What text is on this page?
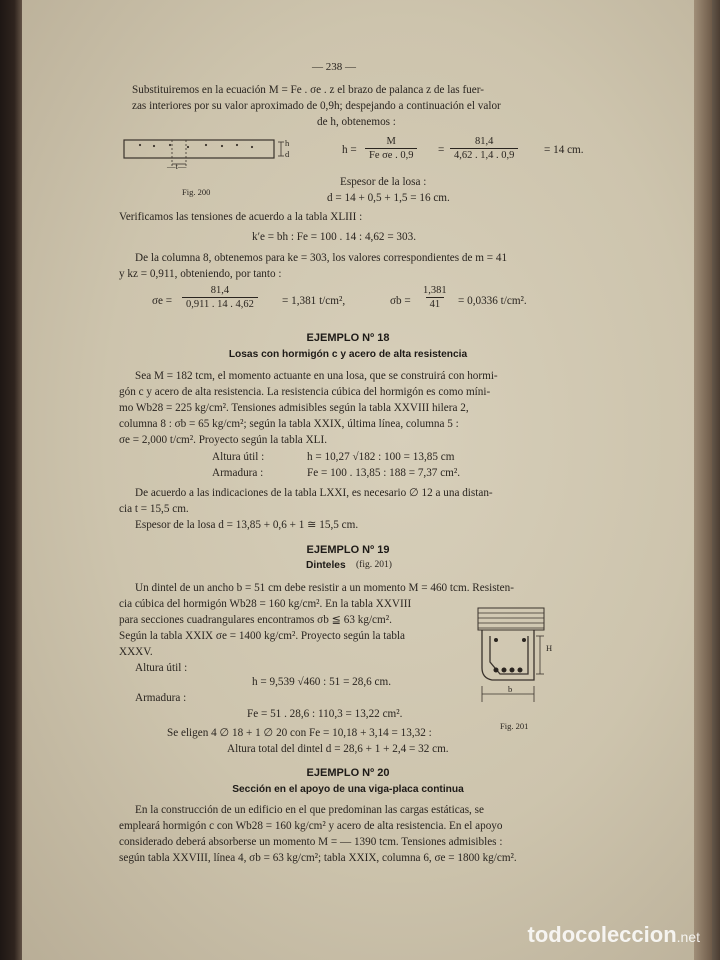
— 238 —
Substituiremos en la ecuación M = Fe . σe . z el brazo de palanca z de las fuer-
zas interiores por su valor aproximado de 0,9h; despejando a continuación el valor
de h, obtenemos :
h
d
—t—
Fig. 200
$h = \frac{M}{\text{Fe σe . 0,9}} = \frac{81,4}{4,62 . 1,4 . 0,9} = 14$ cm.
Espesor de la losa :
d = 14 + 0,5 + 1,5 = 16 cm.
Verificamos las tensiones de acuerdo a la tabla XLIII :
k′e = bh : Fe = 100 . 14 : 4,62 = 303.
De la columna 8, obtenemos para ke = 303, los valores correspondientes de m = 41
y kz = 0,911, obteniendo, por tanto :
$\sigma e = \frac{81,4}{0,911 . 14 . 4,62} = 1,381$ t/cm²,	$\sigma b = \frac{1,381}{41} = 0,0336$ t/cm².
EJEMPLO Nº 18
Losas con hormigón c y acero de alta resistencia
Sea M = 182 tcm, el momento actuante en una losa, que se construirá con hormi-
gón c y acero de alta resistencia. La resistencia cúbica del hormigón es como míni-
mo Wb28 = 225 kg/cm². Tensiones admisibles según la tabla XXVIII hilera 2,
columna 8 : σb = 65 kg/cm²; según la tabla XXIX, última línea, columna 5 :
σe = 2,000 t/cm². Proyecto según la tabla XLI.
Altura útil :	h = 10,27 √182 : 100 = 13,85 cm
Armadura :	Fe = 100 . 13,85 : 188 = 7,37 cm².
De acuerdo a las indicaciones de la tabla LXXI, es necesario ∅ 12 a una distan-
cia t = 15,5 cm.
Espesor de la losa d = 13,85 + 0,6 + 1 ≅ 15,5 cm.
EJEMPLO Nº 19
Dinteles (fig. 201)
Un dintel de un ancho b = 51 cm debe resistir a un momento M = 460 tcm. Resisten-
cia cúbica del hormigón Wb28 = 160 kg/cm². En la tabla XXVIII
para secciones cuadrangulares encontramos σb ≦ 63 kg/cm².
Según la tabla XXIX σe = 1400 kg/cm². Proyecto según la tabla
XXXV.
Altura útil :
h = 9,539 √460 : 51 = 28,6 cm.
Armadura :
Fe = 51 . 28,6 : 110,3 = 13,22 cm².
Se eligen 4 ∅ 18 + 1 ∅ 20 con Fe = 10,18 + 3,14 = 13,32 :
Altura total del dintel d = 28,6 + 1 + 2,4 = 32 cm.
H
b
Fig. 201
EJEMPLO Nº 20
Sección en el apoyo de una viga-placa continua
En la construcción de un edificio en el que predominan las cargas estáticas, se
empleará hormigón c con Wb28 = 160 kg/cm² y acero de alta resistencia. En el apoyo
considerado deberá absorberse un momento M = — 1390 tcm. Tensiones admisibles :
según tabla XXVIII, línea 4, σb = 63 kg/cm²; tabla XXIX, columna 6, σe = 1800 kg/cm².
todocoleccion.net
